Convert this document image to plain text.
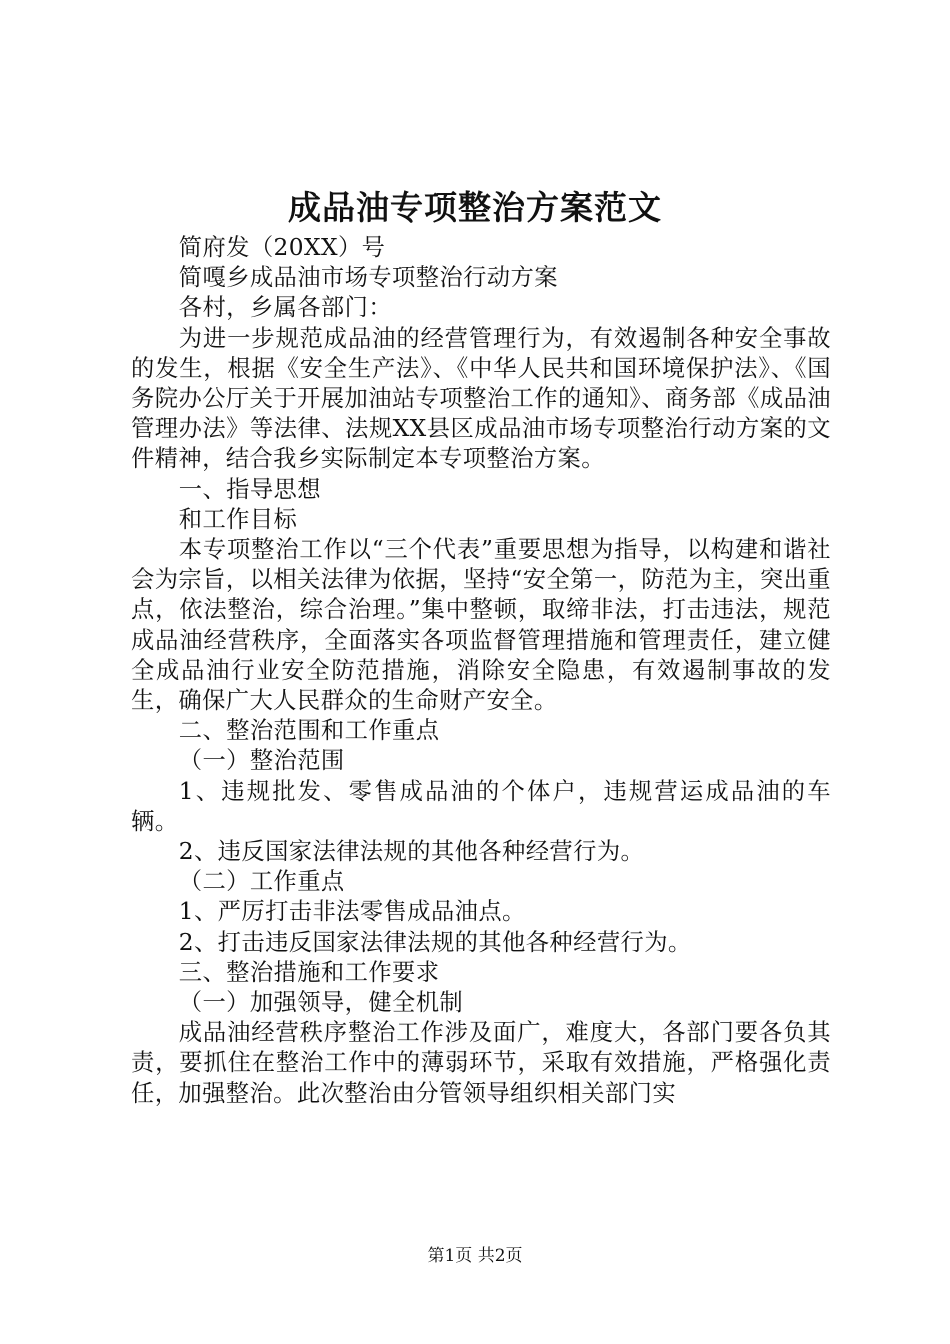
成品油专项整治方案范文

简府发（20XX）号

简嘎乡成品油市场专项整治行动方案

各村，乡属各部门：

为进一步规范成品油的经营管理行为，有效遏制各种安全事故的发生，根据《安全生产法》、《中华人民共和国环境保护法》、《国务院办公厅关于开展加油站专项整治工作的通知》、商务部《成品油管理办法》等法律、法规XX县区成品油市场专项整治行动方案的文件精神，结合我乡实际制定本专项整治方案。

一、指导思想

和工作目标

本专项整治工作以“三个代表”重要思想为指导，以构建和谐社会为宗旨，以相关法律为依据，坚持“安全第一，防范为主，突出重点，依法整治，综合治理。”集中整顿，取缔非法，打击违法，规范成品油经营秩序，全面落实各项监督管理措施和管理责任，建立健全成品油行业安全防范措施，消除安全隐患，有效遏制事故的发生，确保广大人民群众的生命财产安全。

二、整治范围和工作重点

（一）整治范围

1、违规批发、零售成品油的个体户，违规营运成品油的车辆。

2、违反国家法律法规的其他各种经营行为。

（二）工作重点

1、严厉打击非法零售成品油点。

2、打击违反国家法律法规的其他各种经营行为。

三、整治措施和工作要求

（一）加强领导，健全机制

成品油经营秩序整治工作涉及面广，难度大，各部门要各负其责，要抓住在整治工作中的薄弱环节，采取有效措施，严格强化责任，加强整治。此次整治由分管领导组织相关部门实

第1页 共2页
